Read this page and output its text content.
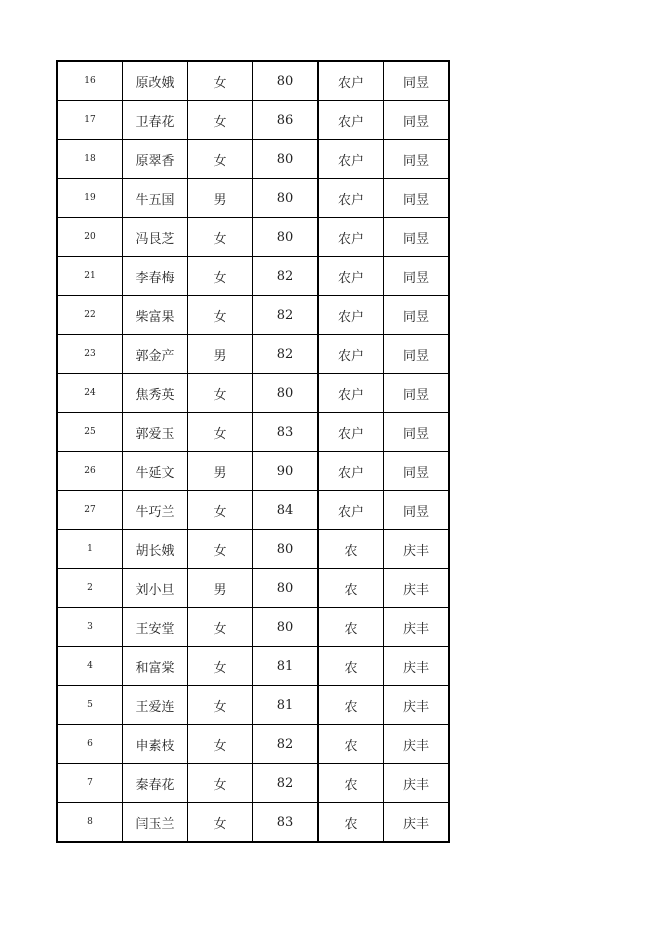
16	原改娥	女	80	农户	同昱
17	卫春花	女	86	农户	同昱
18	原翠香	女	80	农户	同昱
19	牛五国	男	80	农户	同昱
20	冯艮芝	女	80	农户	同昱
21	李春梅	女	82	农户	同昱
22	柴富果	女	82	农户	同昱
23	郭金产	男	82	农户	同昱
24	焦秀英	女	80	农户	同昱
25	郭爱玉	女	83	农户	同昱
26	牛延文	男	90	农户	同昱
27	牛巧兰	女	84	农户	同昱
1	胡长娥	女	80	农	庆丰
2	刘小旦	男	80	农	庆丰
3	王安堂	女	80	农	庆丰
4	和富棠	女	81	农	庆丰
5	王爱连	女	81	农	庆丰
6	申素枝	女	82	农	庆丰
7	秦春花	女	82	农	庆丰
8	闫玉兰	女	83	农	庆丰
